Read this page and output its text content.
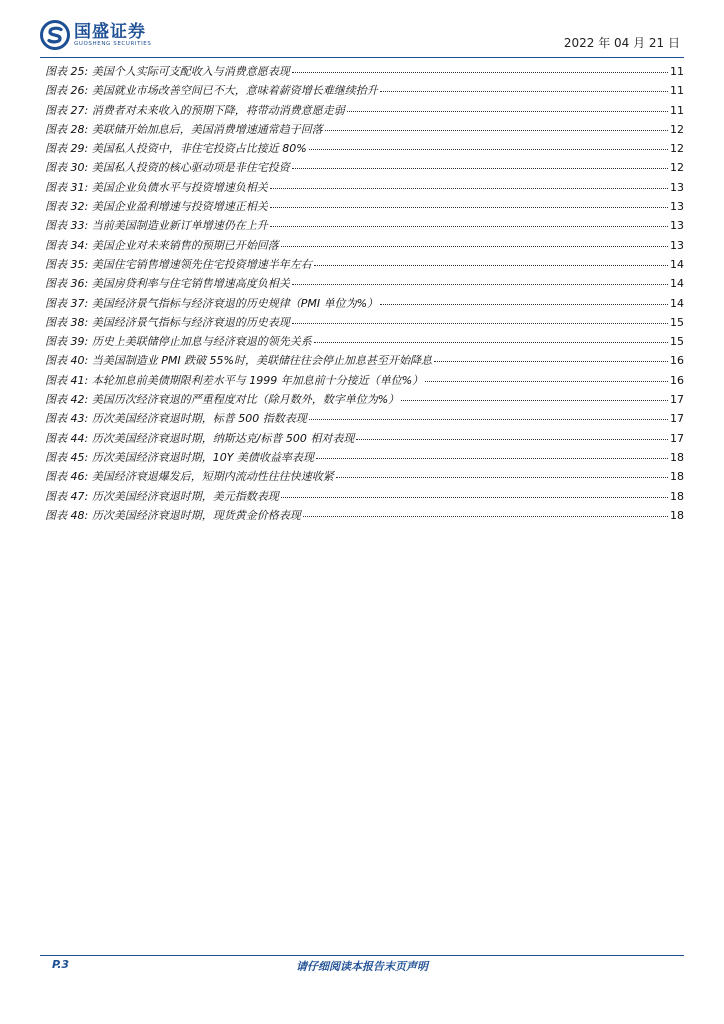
国盛证券
GUOSHENG SECURITIES	2022 年 04 月 21 日
图表 25:
美国个人实际可支配收入与消费意愿表现	11
图表 26:
美国就业市场改善空间已不大，意味着薪资增长难继续抬升	11
图表 27:
消费者对未来收入的预期下降，将带动消费意愿走弱	11
图表 28:
美联储开始加息后，美国消费增速通常趋于回落	12
图表 29:
美国私人投资中，非住宅投资占比接近 80%	12
图表 30:
美国私人投资的核心驱动项是非住宅投资	12
图表 31:
美国企业负债水平与投资增速负相关	13
图表 32:
美国企业盈利增速与投资增速正相关	13
图表 33:
当前美国制造业新订单增速仍在上升	13
图表 34:
美国企业对未来销售的预期已开始回落	13
图表 35:
美国住宅销售增速领先住宅投资增速半年左右	14
图表 36:
美国房贷利率与住宅销售增速高度负相关	14
图表 37:
美国经济景气指标与经济衰退的历史规律（PMI 单位为%）	14
图表 38:
美国经济景气指标与经济衰退的历史表现	15
图表 39:
历史上美联储停止加息与经济衰退的领先关系	15
图表 40:
当美国制造业 PMI 跌破 55%时，美联储往往会停止加息甚至开始降息	16
图表 41:
本轮加息前美债期限利差水平与 1999 年加息前十分接近（单位%）	16
图表 42:
美国历次经济衰退的严重程度对比（除月数外，数字单位为%）	17
图表 43:
历次美国经济衰退时期，标普 500 指数表现	17
图表 44:
历次美国经济衰退时期，纳斯达克/标普 500 相对表现	17
图表 45:
历次美国经济衰退时期，10Y 美债收益率表现	18
图表 46:
美国经济衰退爆发后，短期内流动性往往快速收紧	18
图表 47:
历次美国经济衰退时期，美元指数表现	18
图表 48:
历次美国经济衰退时期，现货黄金价格表现	18
P.3	请仔细阅读本报告末页声明
